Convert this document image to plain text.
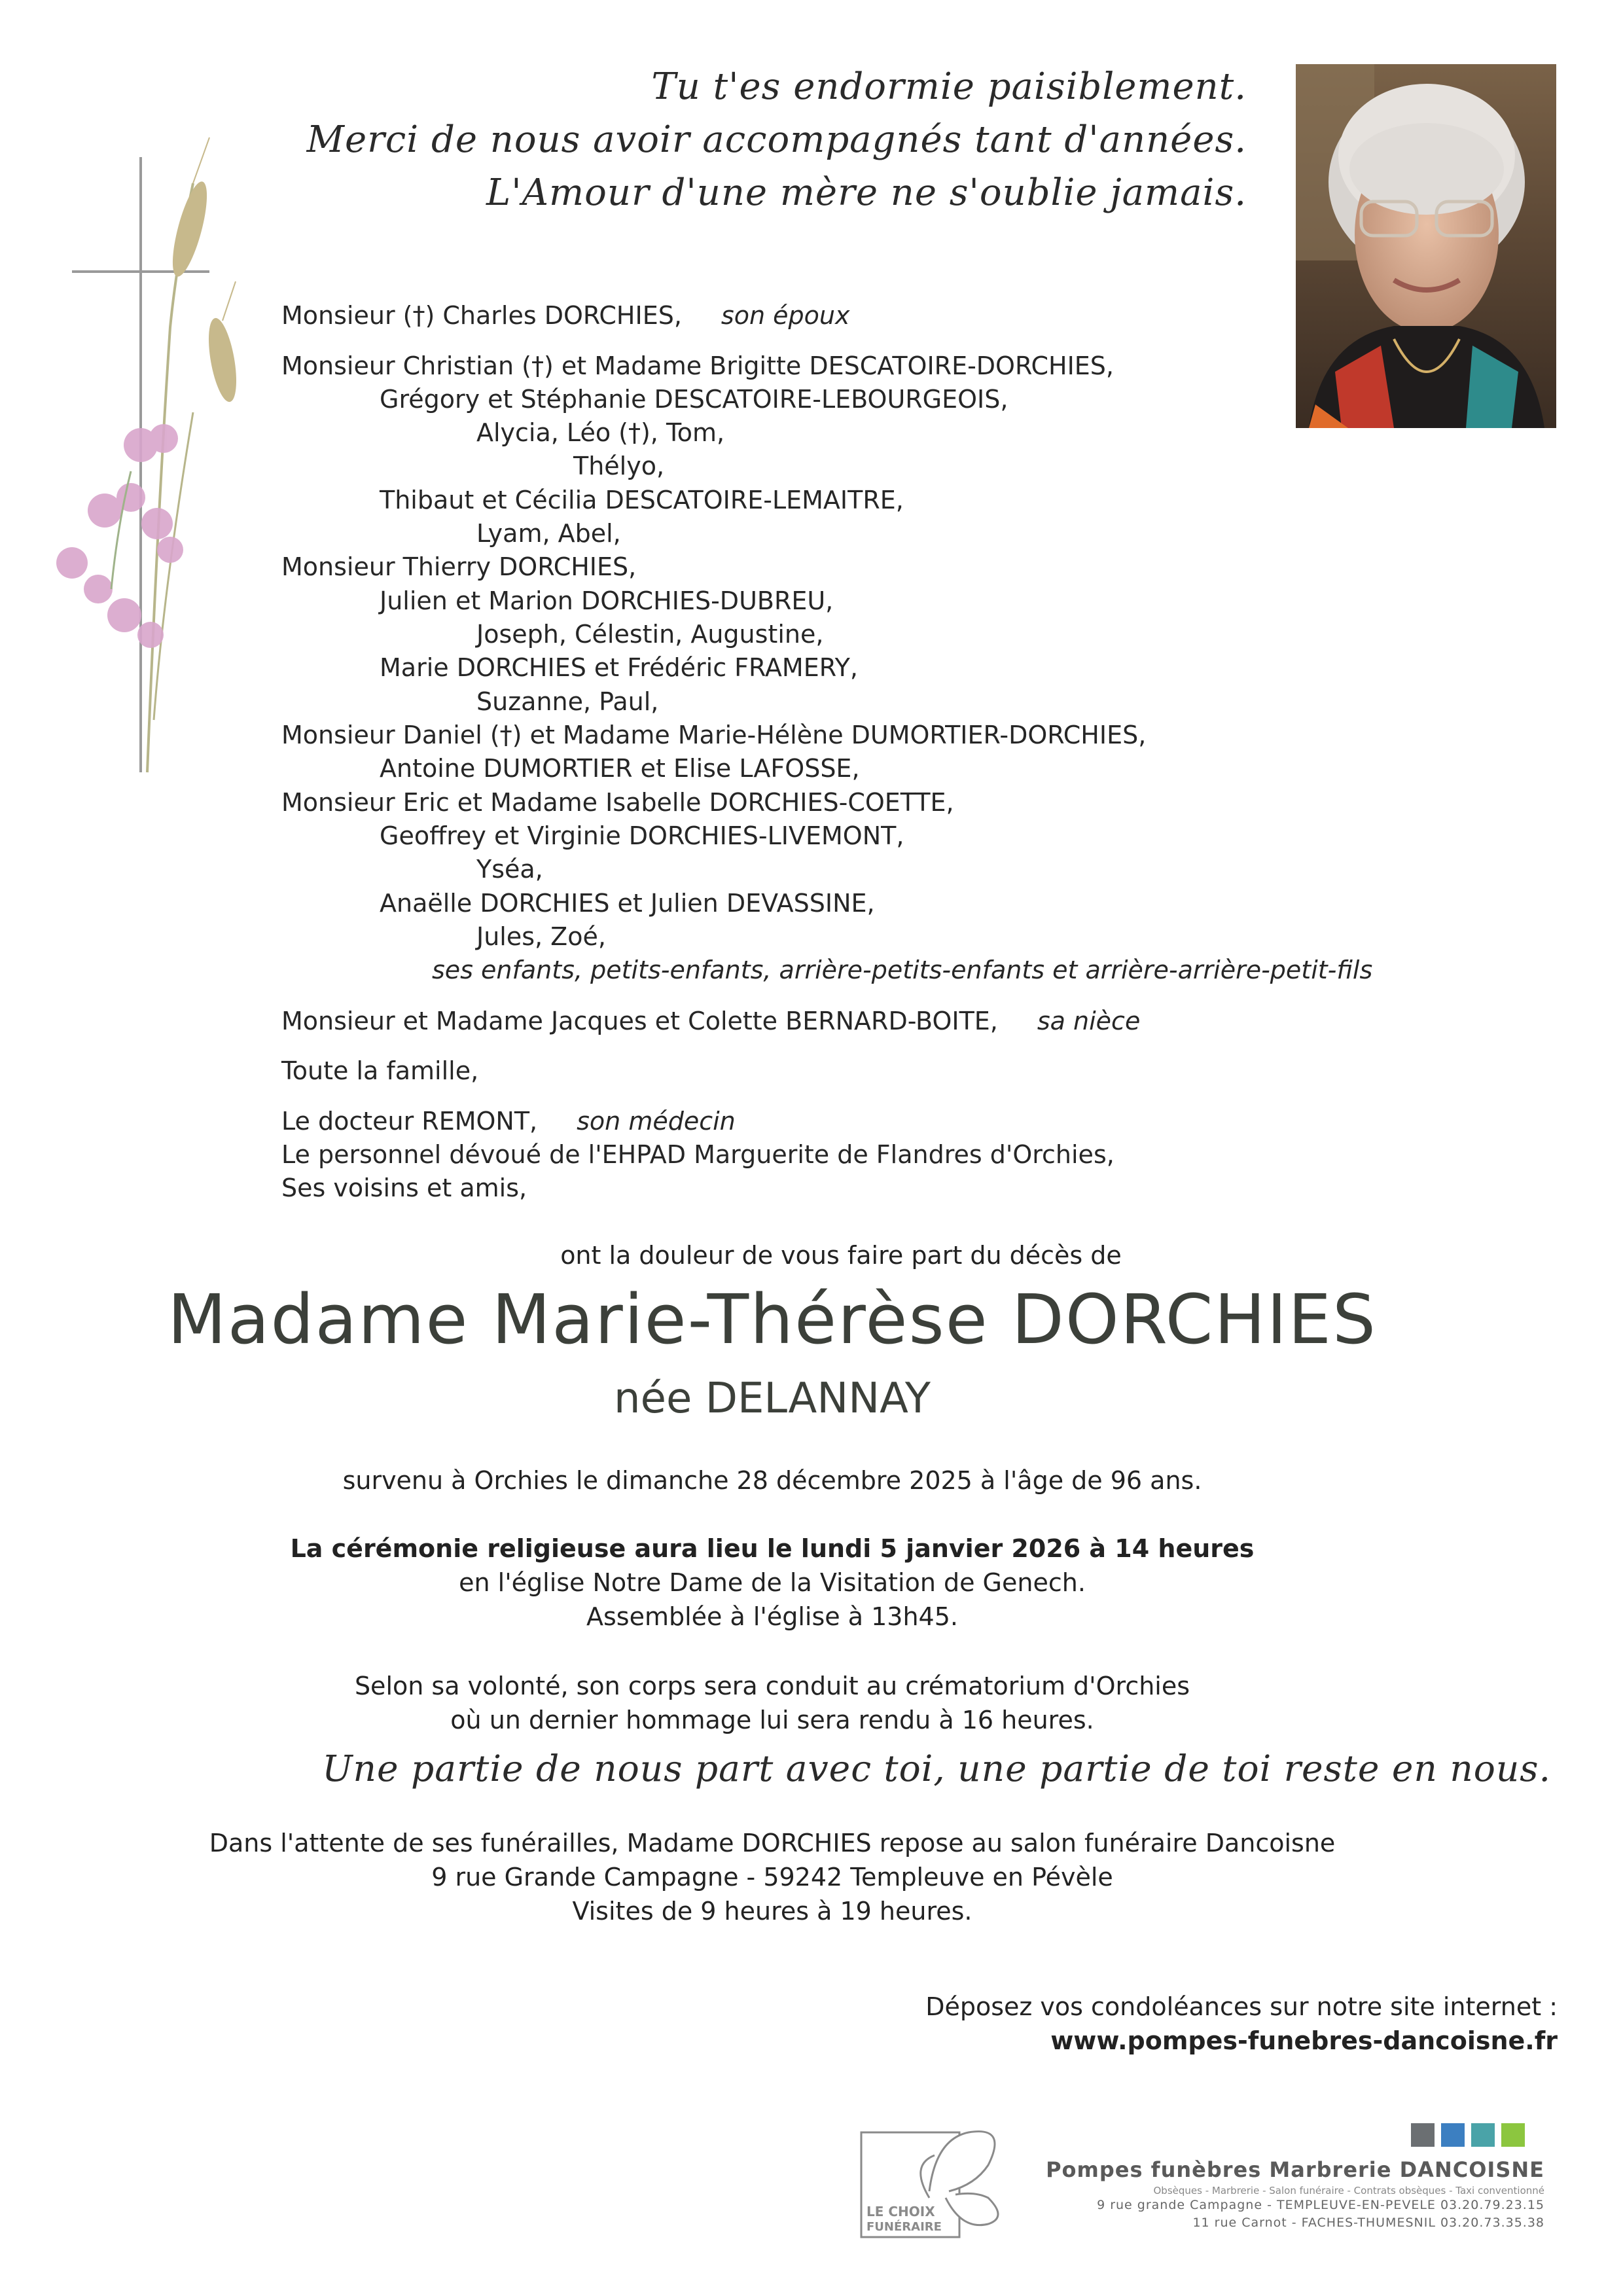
Tu t'es endormie paisiblement.
Merci de nous avoir accompagnés tant d'années.
L'Amour d'une mère ne s'oublie jamais.
Monsieur (†) Charles DORCHIES, son époux
Monsieur Christian (†) et Madame Brigitte DESCATOIRE-DORCHIES,
Grégory et Stéphanie DESCATOIRE-LEBOURGEOIS,
Alycia, Léo (†), Tom,
Thélyo,
Thibaut et Cécilia DESCATOIRE-LEMAITRE,
Lyam, Abel,
Monsieur Thierry DORCHIES,
Julien et Marion DORCHIES-DUBREU,
Joseph, Célestin, Augustine,
Marie DORCHIES et Frédéric FRAMERY,
Suzanne, Paul,
Monsieur Daniel (†) et Madame Marie-Hélène DUMORTIER-DORCHIES,
Antoine DUMORTIER et Elise LAFOSSE,
Monsieur Eric et Madame Isabelle DORCHIES-COETTE,
Geoffrey et Virginie DORCHIES-LIVEMONT,
Yséa,
Anaëlle DORCHIES et Julien DEVASSINE,
Jules, Zoé,
ses enfants, petits-enfants, arrière-petits-enfants et arrière-arrière-petit-fils
Monsieur et Madame Jacques et Colette BERNARD-BOITE, sa nièce
Toute la famille,
Le docteur REMONT, son médecin
Le personnel dévoué de l'EHPAD Marguerite de Flandres d'Orchies,
Ses voisins et amis,
ont la douleur de vous faire part du décès de
Madame Marie-Thérèse DORCHIES
née DELANNAY
survenu à Orchies le dimanche 28 décembre 2025 à l'âge de 96 ans.
La cérémonie religieuse aura lieu le lundi 5 janvier 2026 à 14 heures
en l'église Notre Dame de la Visitation de Genech.
Assemblée à l'église à 13h45.
Selon sa volonté, son corps sera conduit au crématorium d'Orchies
où un dernier hommage lui sera rendu à 16 heures.
Une partie de nous part avec toi, une partie de toi reste en nous.
Dans l'attente de ses funérailles, Madame DORCHIES repose au salon funéraire Dancoisne
9 rue Grande Campagne - 59242 Templeuve en Pévèle
Visites de 9 heures à 19 heures.
Déposez vos condoléances sur notre site internet :
www.pompes-funebres-dancoisne.fr
LE CHOIX
FUNÉRAIRE
Pompes funèbres Marbrerie DANCOISNE
Obsèques - Marbrerie - Salon funéraire - Contrats obsèques - Taxi conventionné
9 rue grande Campagne - TEMPLEUVE-EN-PEVELE 03.20.79.23.15
11 rue Carnot - FACHES-THUMESNIL 03.20.73.35.38
